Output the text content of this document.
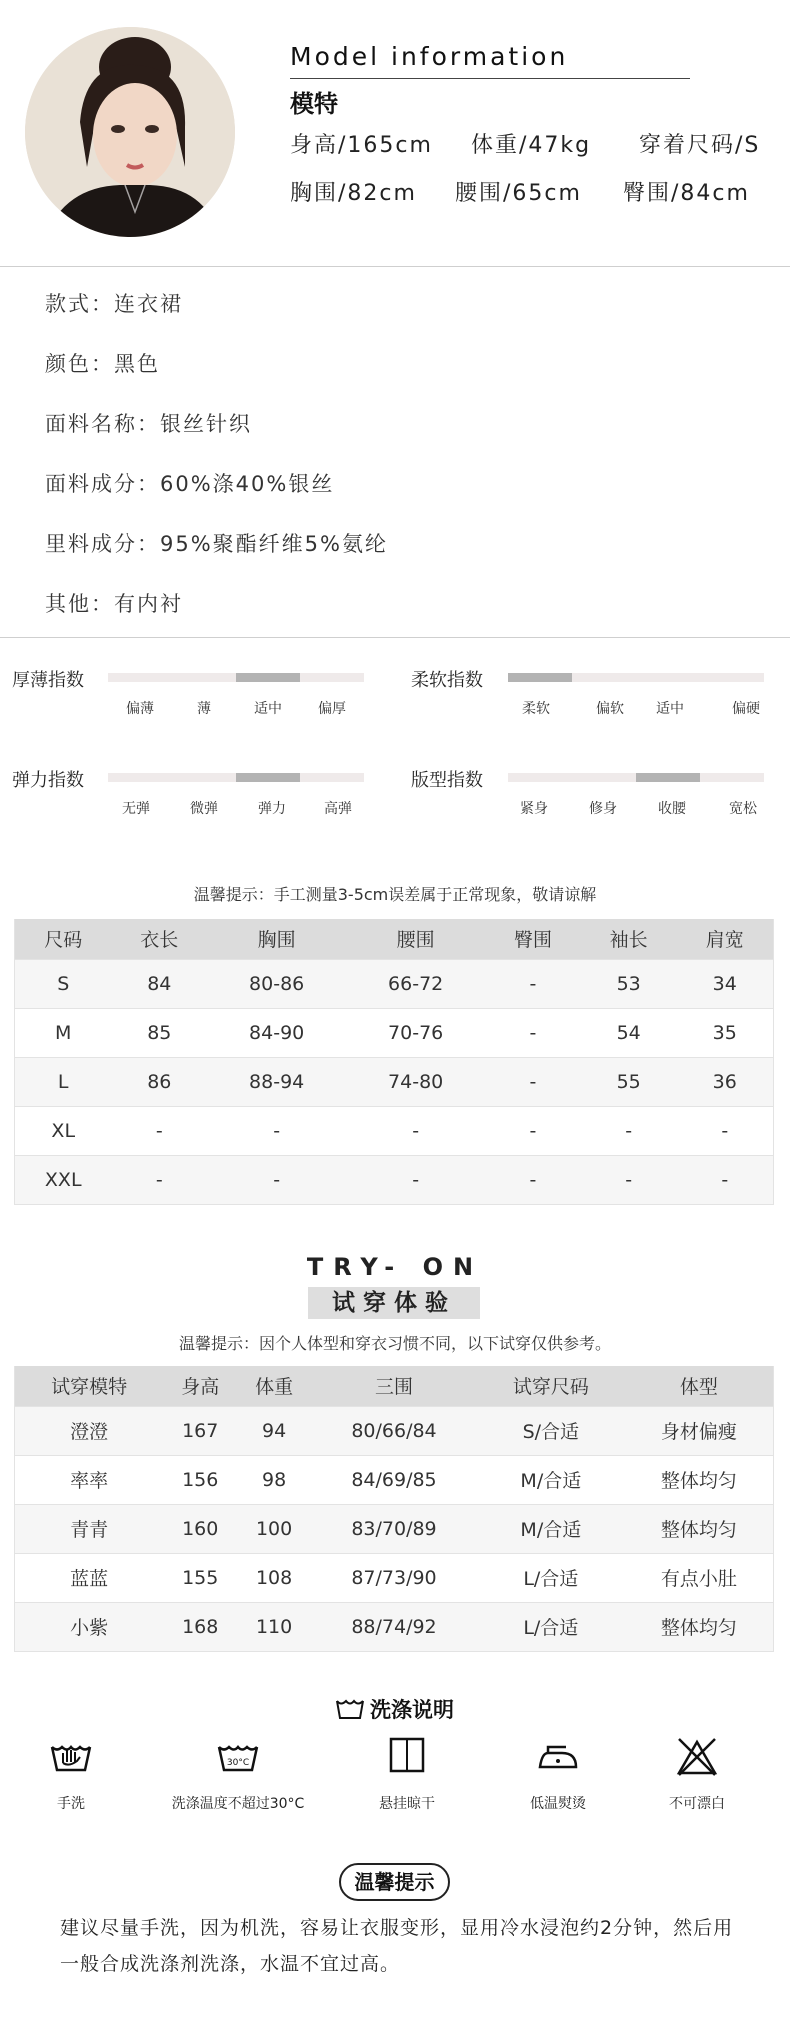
Model information
模特
身高/165cm 体重/47kg 穿着尺码/S
胸围/82cm 腰围/65cm 臀围/84cm
款式：连衣裙
颜色：黑色
面料名称：银丝针织
面料成分：60%涤40%银丝
里料成分：95%聚酯纤维5%氨纶
其他：有内衬
厚薄指数
偏薄	薄	适中	偏厚
柔软指数
柔软	偏软	适中	偏硬
弹力指数
无弹	微弹	弹力	高弹
版型指数
紧身	修身	收腰	宽松
温馨提示：手工测量3-5cm误差属于正常现象，敬请谅解
尺码	衣长	胸围	腰围	臀围	袖长	肩宽
S	84	80-86	66-72	-	53	34
M	85	84-90	70-76	-	54	35
L	86	88-94	74-80	-	55	36
XL	-	-	-	-	-	-
XXL	-	-	-	-	-	-
TRY- ON
试穿体验
温馨提示：因个人体型和穿衣习惯不同，以下试穿仅供参考。
试穿模特	身高	体重	三围	试穿尺码	体型
澄澄	167	94	80/66/84	S/合适	身材偏瘦
率率	156	98	84/69/85	M/合适	整体均匀
青青	160	100	83/70/89	M/合适	整体均匀
蓝蓝	155	108	87/73/90	L/合适	有点小肚
小紫	168	110	88/74/92	L/合适	整体均匀
洗涤说明
手洗
30°C
洗涤温度不超过30°C	悬挂晾干	低温熨烫	不可漂白
温馨提示
建议尽量手洗，因为机洗，容易让衣服变形，显用冷水浸泡约2分钟，然后用一般合成洗涤剂洗涤，水温不宜过高。
